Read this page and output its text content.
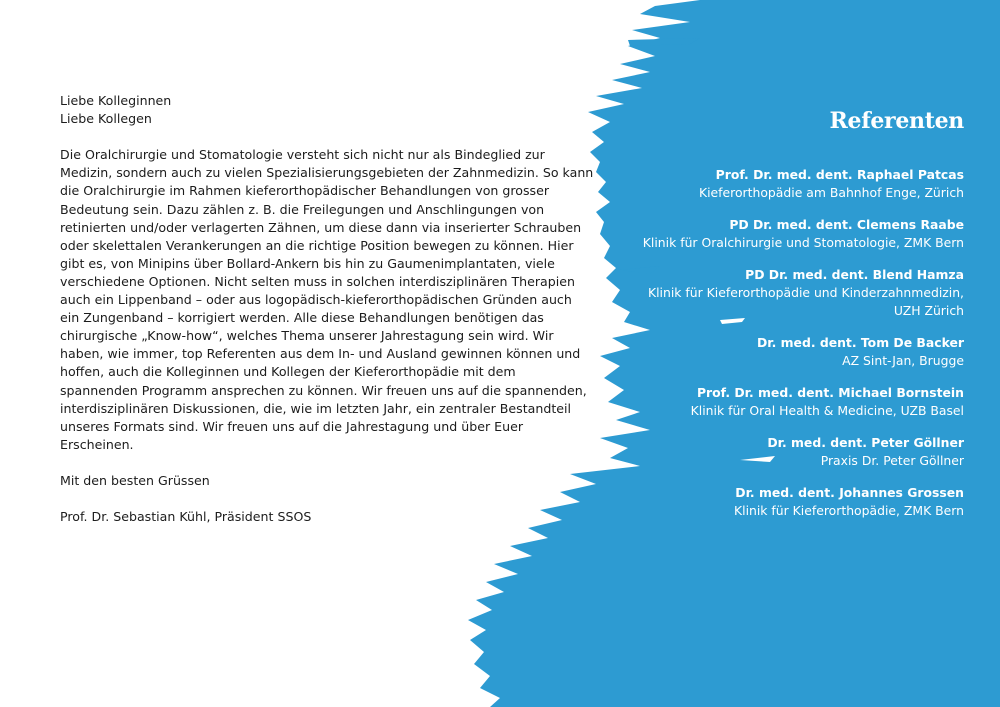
Liebe Kolleginnen
Liebe Kollegen

Die Oralchirurgie und Stomatologie versteht sich nicht nur als Bindeglied zur Medizin, sondern auch zu vielen Spezialisierungsgebieten der Zahnmedizin. So kann die Oralchirurgie im Rahmen kieferorthopädischer Behandlungen von grosser Bedeutung sein. Dazu zählen z. B. die Freilegungen und Anschlingungen von retinierten und/oder verlagerten Zähnen, um diese dann via inserierter Schrauben oder skelettalen Verankerungen an die richtige Position bewegen zu können. Hier gibt es, von Minipins über Bollard-Ankern bis hin zu Gaumenimplantaten, viele verschiedene Optionen. Nicht selten muss in solchen interdisziplinären Therapien auch ein Lippenband – oder aus logopädisch-kieferorthopädischen Gründen auch ein Zungenband – korrigiert werden. Alle diese Behandlungen benötigen das chirurgische „Know-how“, welches Thema unserer Jahrestagung sein wird. Wir haben, wie immer, top Referenten aus dem In- und Ausland gewinnen können und hoffen, auch die Kolleginnen und Kollegen der Kieferorthopädie mit dem spannenden Programm ansprechen zu können. Wir freuen uns auf die spannenden, interdisziplinären Diskussionen, die, wie im letzten Jahr, ein zentraler Bestandteil unseres Formats sind. Wir freuen uns auf die Jahrestagung und über Euer Erscheinen.

Mit den besten Grüssen

Prof. Dr. Sebastian Kühl, Präsident SSOS

Referenten
Prof. Dr. med. dent. Raphael Patcas
Kieferorthopädie am Bahnhof Enge, Zürich
PD Dr. med. dent. Clemens Raabe
Klinik für Oralchirurgie und Stomatologie, ZMK Bern
PD Dr. med. dent. Blend Hamza
Klinik für Kieferorthopädie und Kinderzahnmedizin,
UZH Zürich
Dr. med. dent. Tom De Backer
AZ Sint-Jan, Brugge
Prof. Dr. med. dent. Michael Bornstein
Klinik für Oral Health & Medicine, UZB Basel
Dr. med. dent. Peter Göllner
Praxis Dr. Peter Göllner
Dr. med. dent. Johannes Grossen
Klinik für Kieferorthopädie, ZMK Bern
